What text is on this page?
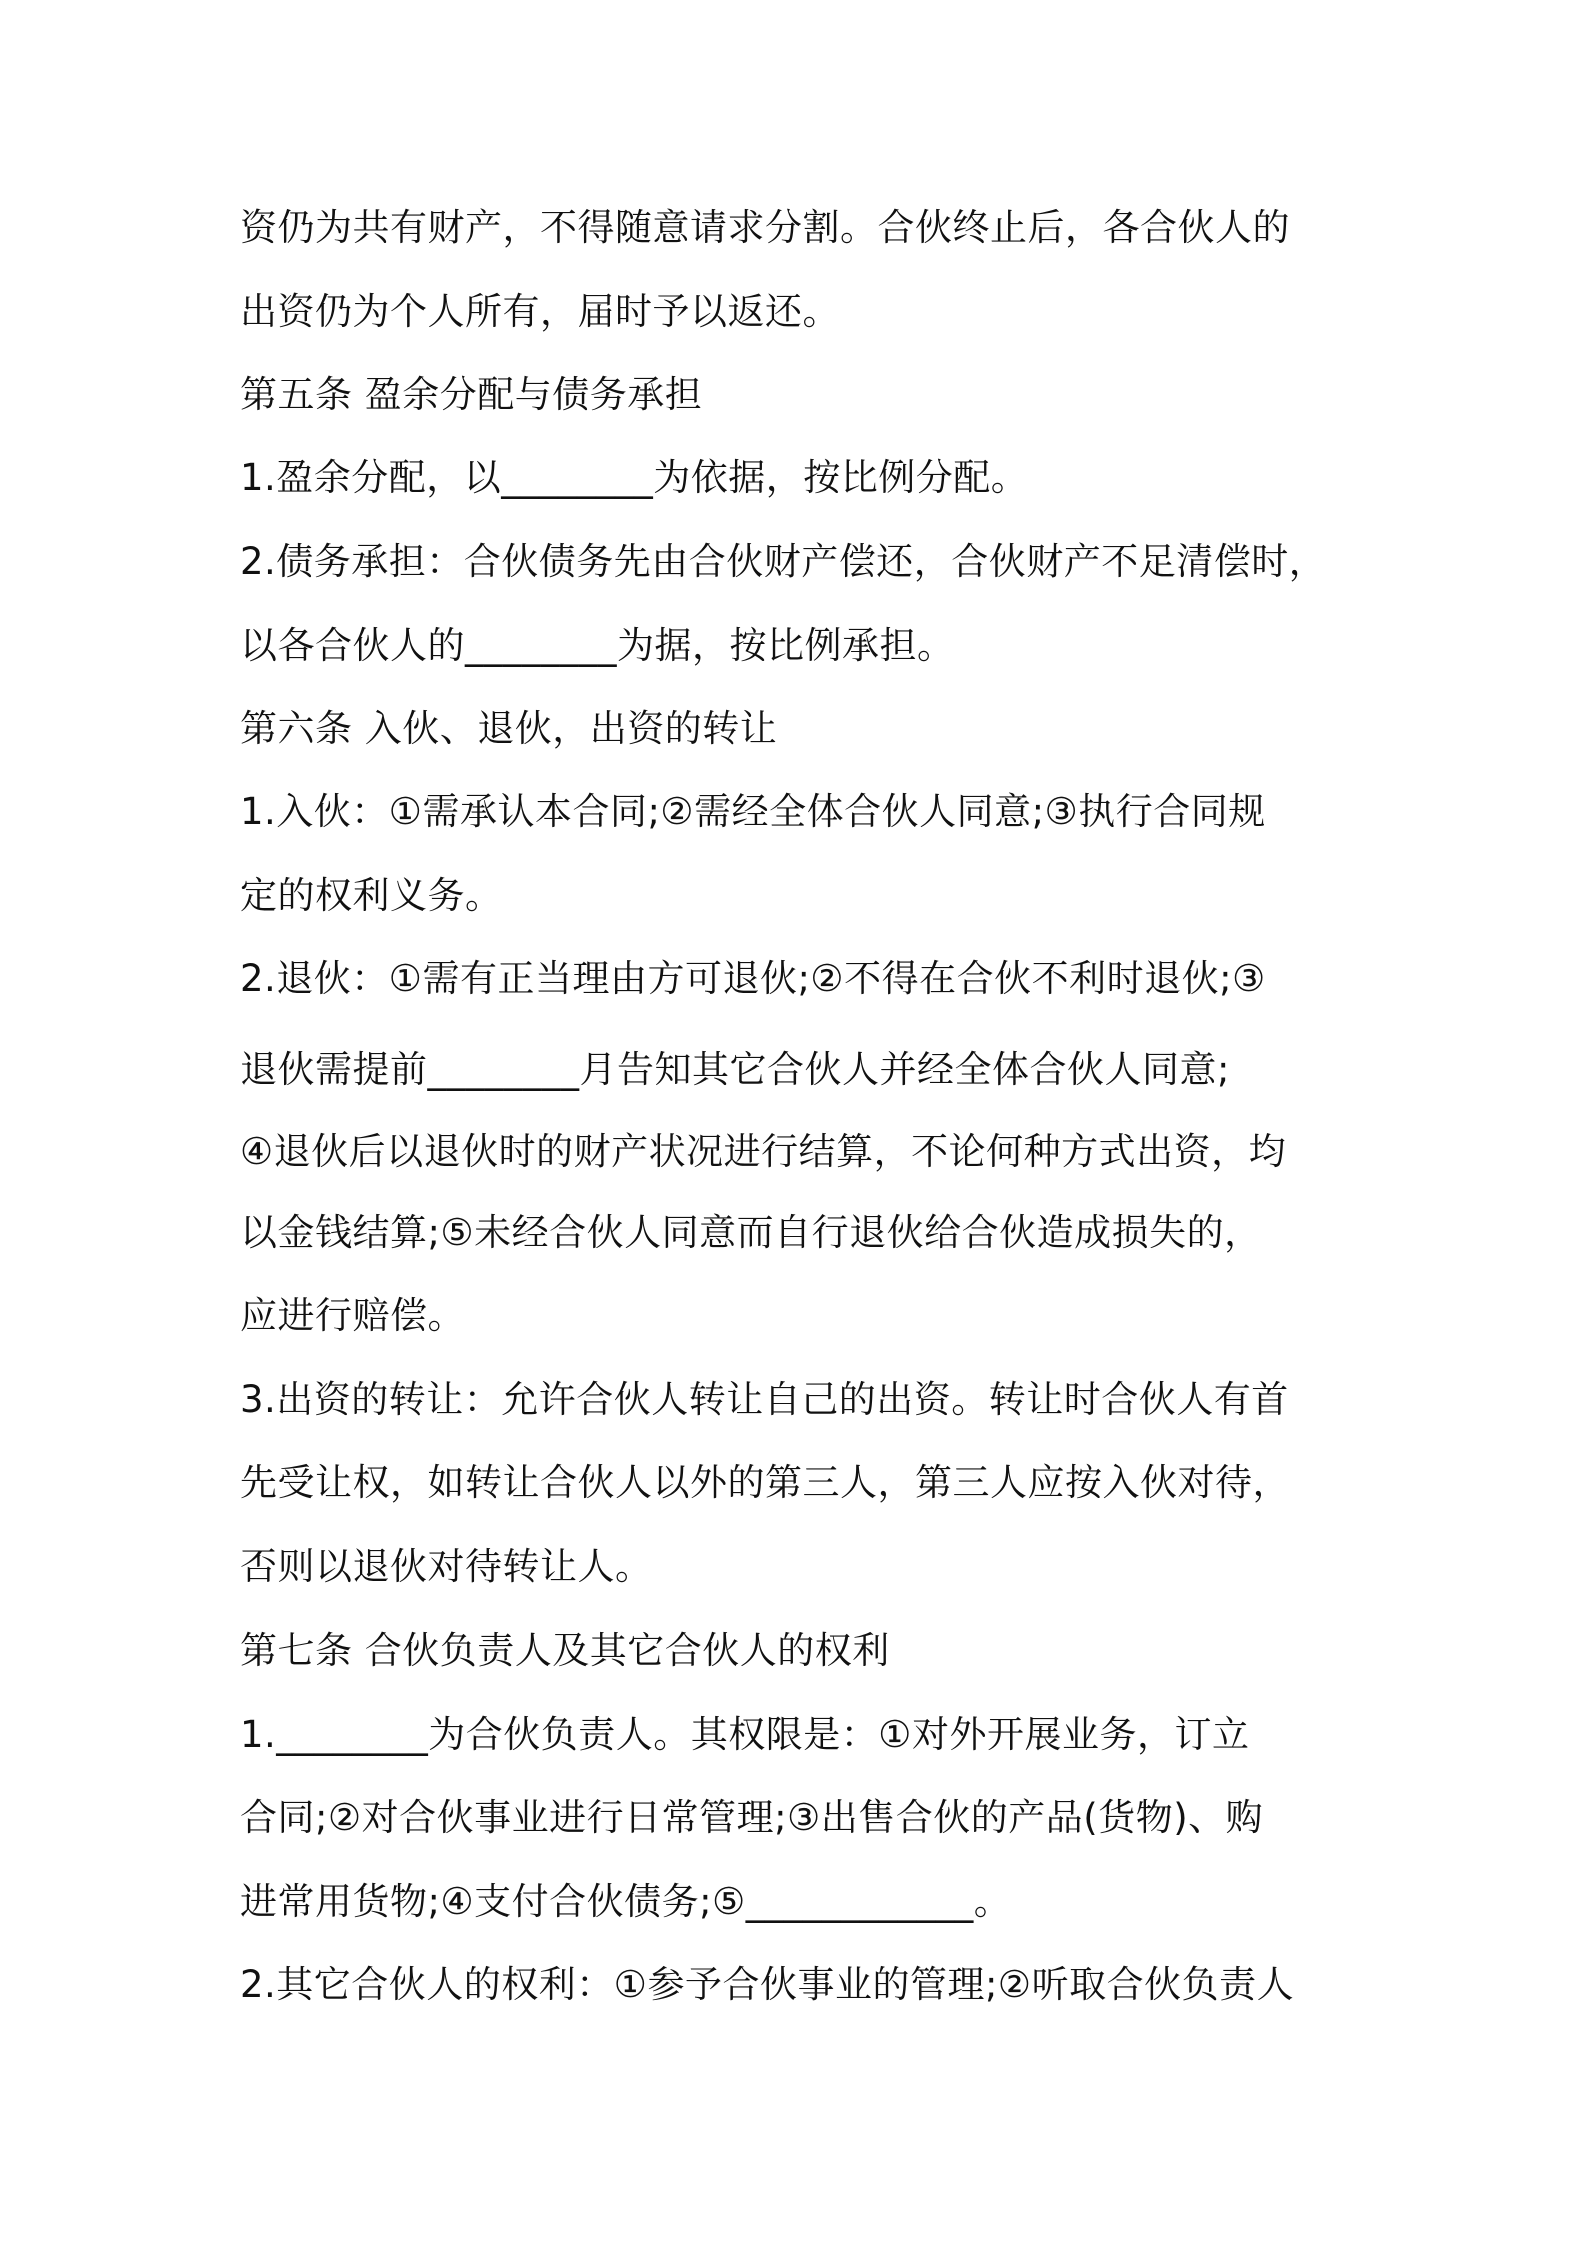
资仍为共有财产，不得随意请求分割。合伙终止后，各合伙人的

出资仍为个人所有，届时予以返还。

第五条 盈余分配与债务承担

1.盈余分配，以________为依据，按比例分配。

2.债务承担：合伙债务先由合伙财产偿还，合伙财产不足清偿时，

以各合伙人的________为据，按比例承担。

第六条 入伙、退伙，出资的转让

1.入伙：①需承认本合同;②需经全体合伙人同意;③执行合同规

定的权利义务。

2.退伙：①需有正当理由方可退伙;②不得在合伙不利时退伙;③

退伙需提前________月告知其它合伙人并经全体合伙人同意;

④退伙后以退伙时的财产状况进行结算，不论何种方式出资，均

以金钱结算;⑤未经合伙人同意而自行退伙给合伙造成损失的，

应进行赔偿。

3.出资的转让：允许合伙人转让自己的出资。转让时合伙人有首

先受让权，如转让合伙人以外的第三人，第三人应按入伙对待，

否则以退伙对待转让人。

第七条 合伙负责人及其它合伙人的权利

1.________为合伙负责人。其权限是：①对外开展业务，订立

合同;②对合伙事业进行日常管理;③出售合伙的产品(货物)、购

进常用货物;④支付合伙债务;⑤____________。

2.其它合伙人的权利：①参予合伙事业的管理;②听取合伙负责人
